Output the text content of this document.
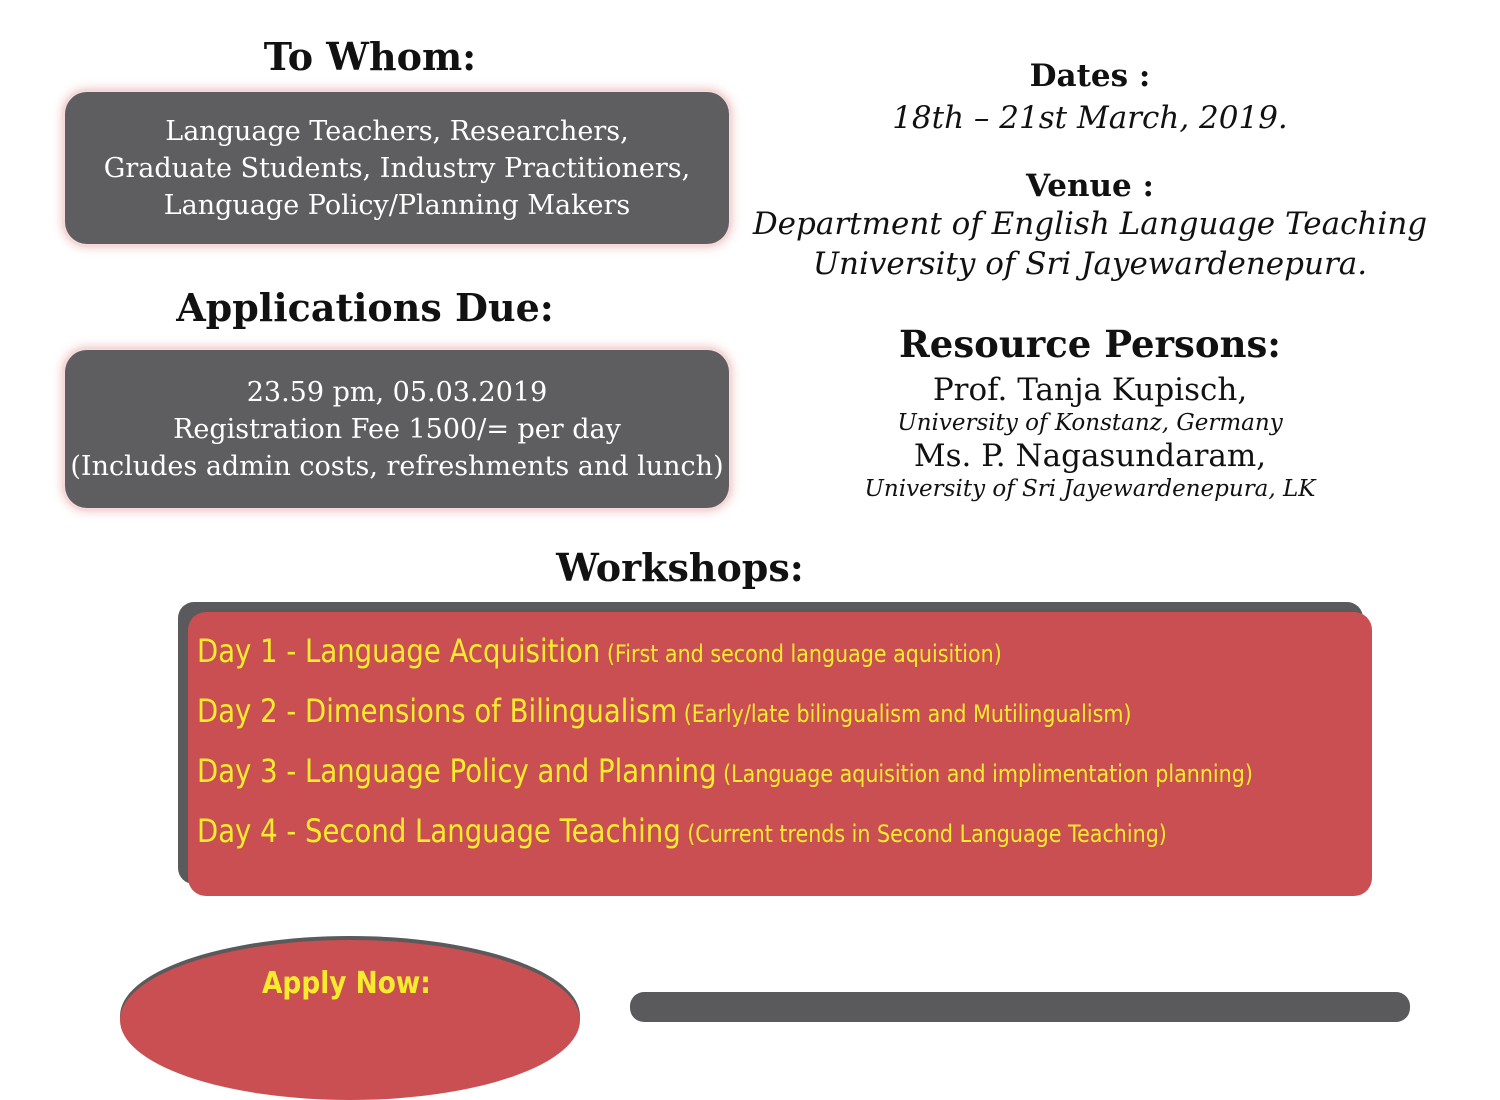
To Whom:
Language Teachers, Researchers,
Graduate Students, Industry Practitioners,
Language Policy/Planning Makers
Applications Due:
23.59 pm, 05.03.2019
Registration Fee 1500/= per day
(Includes admin costs, refreshments and lunch)
Dates :
18th – 21st March, 2019.
Venue :
Department of English Language Teaching
University of Sri Jayewardenepura.
Resource Persons:
Prof. Tanja Kupisch,
University of Konstanz, Germany
Ms. P. Nagasundaram,
University of Sri Jayewardenepura, LK
Workshops:
Day 1 - Language Acquisition (First and second language aquisition)
Day 2 - Dimensions of Bilingualism (Early/late bilingualism and Mutilingualism)
Day 3 - Language Policy and Planning (Language aquisition and implimentation planning)
Day 4 - Second Language Teaching (Current trends in Second Language Teaching)
Apply Now:
